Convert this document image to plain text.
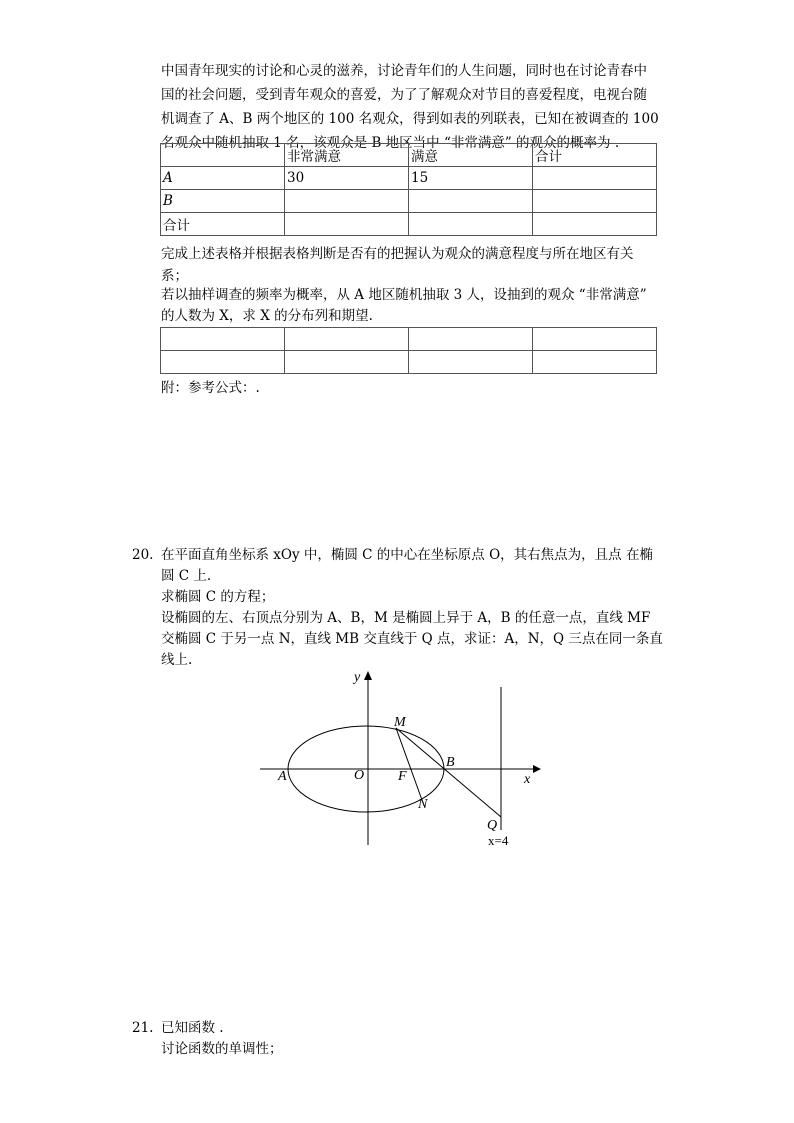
中国青年现实的讨论和心灵的滋养，讨论青年们的人生问题，同时也在讨论青春中
国的社会问题，受到青年观众的喜爱，为了了解观众对节目的喜爱程度，电视台随
机调查了 A、B 两个地区的 100 名观众，得到如表的列联表，已知在被调查的 100
名观众中随机抽取 1 名，该观众是 B 地区当中 “非常满意” 的观众的概率为 .
	非常满意	满意	合计
A	30	15	
B			
合计			
完成上述表格并根据表格判断是否有的把握认为观众的满意程度与所在地区有关
系；
若以抽样调查的频率为概率，从 A 地区随机抽取 3 人，设抽到的观众 “非常满意”
的人数为 X，求 X 的分布列和期望.

附：参考公式：.
20. 在平面直角坐标系 xOy 中，椭圆 C 的中心在坐标原点 O，其右焦点为，且点 在椭
圆 C 上.
求椭圆 C 的方程；
设椭圆的左、右顶点分别为 A、B，M 是椭圆上异于 A，B 的任意一点，直线 MF
交椭圆 C 于另一点 N，直线 MB 交直线于 Q 点，求证：A，N，Q 三点在同一条直
线上.
y
x
O
A
B
M
N
F
Q
x=4
21. 已知函数 .
讨论函数的单调性；
